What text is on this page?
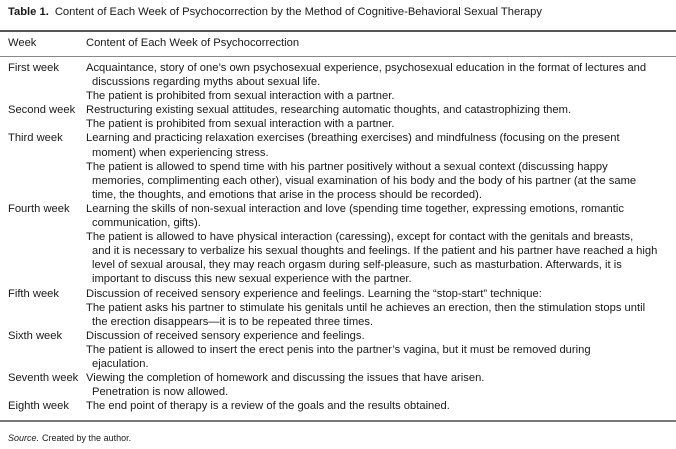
Table 1. Content of Each Week of Psychocorrection by the Method of Cognitive-Behavioral Sexual Therapy
Week	Content of Each Week of Psychocorrection
First week Acquaintance, story of one’s own psychosexual experience, psychosexual education in the format of lectures and
discussions regarding myths about sexual life.
The patient is prohibited from sexual interaction with a partner.
Second week Restructuring existing sexual attitudes, researching automatic thoughts, and catastrophizing them.
The patient is prohibited from sexual interaction with a partner.
Third week Learning and practicing relaxation exercises (breathing exercises) and mindfulness (focusing on the present
moment) when experiencing stress.
The patient is allowed to spend time with his partner positively without a sexual context (discussing happy
memories, complimenting each other), visual examination of his body and the body of his partner (at the same
time, the thoughts, and emotions that arise in the process should be recorded).
Fourth week Learning the skills of non-sexual interaction and love (spending time together, expressing emotions, romantic
communication, gifts).
The patient is allowed to have physical interaction (caressing), except for contact with the genitals and breasts,
and it is necessary to verbalize his sexual thoughts and feelings. If the patient and his partner have reached a high
level of sexual arousal, they may reach orgasm during self-pleasure, such as masturbation. Afterwards, it is
important to discuss this new sexual experience with the partner.
Fifth week Discussion of received sensory experience and feelings. Learning the “stop-start” technique:
The patient asks his partner to stimulate his genitals until he achieves an erection, then the stimulation stops until
the erection disappears—it is to be repeated three times.
Sixth week Discussion of received sensory experience and feelings.
The patient is allowed to insert the erect penis into the partner’s vagina, but it must be removed during
ejaculation.
Seventh week Viewing the completion of homework and discussing the issues that have arisen.
Penetration is now allowed.
Eighth week The end point of therapy is a review of the goals and the results obtained.
Source. Created by the author.
